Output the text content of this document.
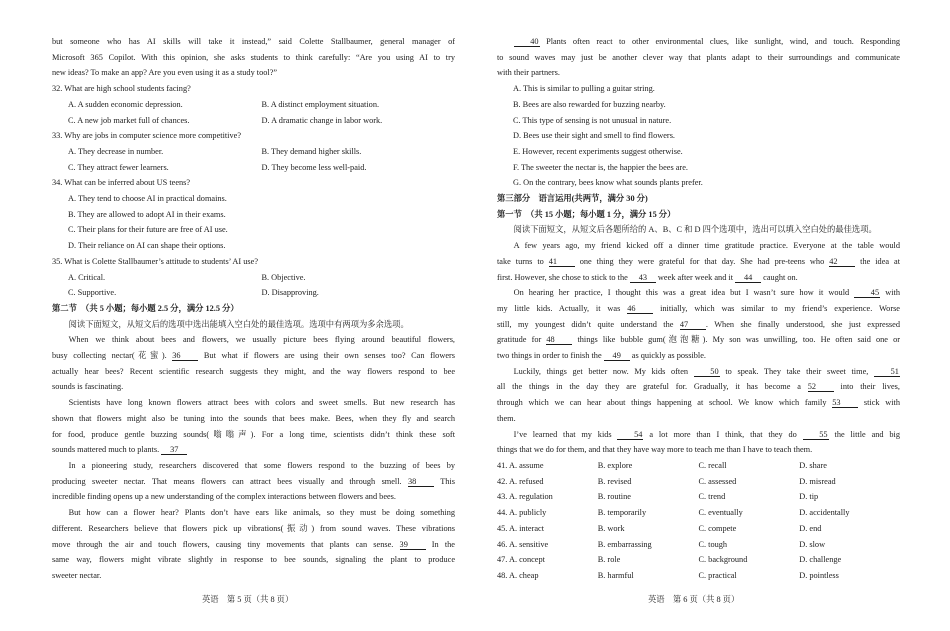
but someone who has AI skills will take it instead,” said Colette Stallbaumer, general manager of
Microsoft 365 Copilot. With this opinion, she asks students to think carefully: “Are you using AI to try
new ideas? To make an app? Are you even using it as a study tool?”
32. What are high school students facing?
A. A sudden economic depression.	B. A distinct employment situation.
C. A new job market full of chances.	D. A dramatic change in labor work.
33. Why are jobs in computer science more competitive?
A. They decrease in number.	B. They demand higher skills.
C. They attract fewer learners.	D. They become less well-paid.
34. What can be inferred about US teens?
A. They tend to choose AI in practical domains.
B. They are allowed to adopt AI in their exams.
C. Their plans for their future are free of AI use.
D. Their reliance on AI can shape their options.
35. What is Colette Stallbaumer’s attitude to students’ AI use?
A. Critical.	B. Objective.
C. Supportive.	D. Disapproving.
第二节　（共 5 小题；每小题 2.5 分，满分 12.5 分）
阅读下面短文，从短文后的选项中选出能填入空白处的最佳选项。选项中有两项为多余选项。
When we think about bees and flowers, we usually picture bees flying around beautiful flowers,
busy collecting nectar(花蜜). 36 But what if flowers are using their own senses too? Can flowers
actually hear bees? Recent scientific research suggests they might, and the way flowers respond to bee
sounds is fascinating.
Scientists have long known flowers attract bees with colors and sweet smells. But new research has
shown that flowers might also be tuning into the sounds that bees make. Bees, when they fly and search
for food, produce gentle buzzing sounds(嗡嗡声). For a long time, scientists didn’t think these soft
sounds mattered much to plants. 37
In a pioneering study, researchers discovered that some flowers respond to the buzzing of bees by
producing sweeter nectar. That means flowers can attract bees visually and through smell. 38 This
incredible finding opens up a new understanding of the complex interactions between flowers and bees.
But how can a flower hear? Plants don’t have ears like animals, so they must be doing something
different. Researchers believe that flowers pick up vibrations(振动) from sound waves. These vibrations
move through the air and touch flowers, causing tiny movements that plants can sense. 39 In the
same way, flowers might vibrate slightly in response to bee sounds, signaling the plant to produce
sweeter nectar.
40 Plants often react to other environmental clues, like sunlight, wind, and touch. Responding
to sound waves may just be another clever way that plants adapt to their surroundings and communicate
with their partners.
A. This is similar to pulling a guitar string.
B. Bees are also rewarded for buzzing nearby.
C. This type of sensing is not unusual in nature.
D. Bees use their sight and smell to find flowers.
E. However, recent experiments suggest otherwise.
F. The sweeter the nectar is, the happier the bees are.
G. On the contrary, bees know what sounds plants prefer.
第三部分　语言运用(共两节，满分 30 分)
第一节　（共 15 小题；每小题 1 分，满分 15 分）
阅读下面短文，从短文后各题所给的 A、B、C 和 D 四个选项中，选出可以填入空白处的最佳选项。
A few years ago, my friend kicked off a dinner time gratitude practice. Everyone at the table would
take turns to 41 one thing they were grateful for that day. She had pre-teens who 42 the idea at
first. However, she chose to stick to the 43 week after week and it 44 caught on.
On hearing her practice, I thought this was a great idea but I wasn’t sure how it would 45 with
my little kids. Actually, it was 46 initially, which was similar to my friend’s experience. Worse
still, my youngest didn’t quite understand the 47 . When she finally understood, she just expressed
gratitude for 48 things like bubble gum(泡泡糖). My son was unwilling, too. He often said one or
two things in order to finish the 49 as quickly as possible.
Luckily, things get better now. My kids often 50 to speak. They take their sweet time, 51
all the things in the day they are grateful for. Gradually, it has become a 52 into their lives,
through which we can hear about things happening at school. We know which family 53 stick with
them.
I’ve learned that my kids 54 a lot more than I think, that they do 55 the little and big
things that we do for them, and that they have way more to teach me than I have to teach them.
41. A. assume	B. explore	C. recall	D. share
42. A. refused	B. revised	C. assessed	D. misread
43. A. regulation	B. routine	C. trend	D. tip
44. A. publicly	B. temporarily	C. eventually	D. accidentally
45. A. interact	B. work	C. compete	D. end
46. A. sensitive	B. embarrassing	C. tough	D. slow
47. A. concept	B. role	C. background	D. challenge
48. A. cheap	B. harmful	C. practical	D. pointless
英语　第 5 页（共 8 页）	英语　第 6 页（共 8 页）
